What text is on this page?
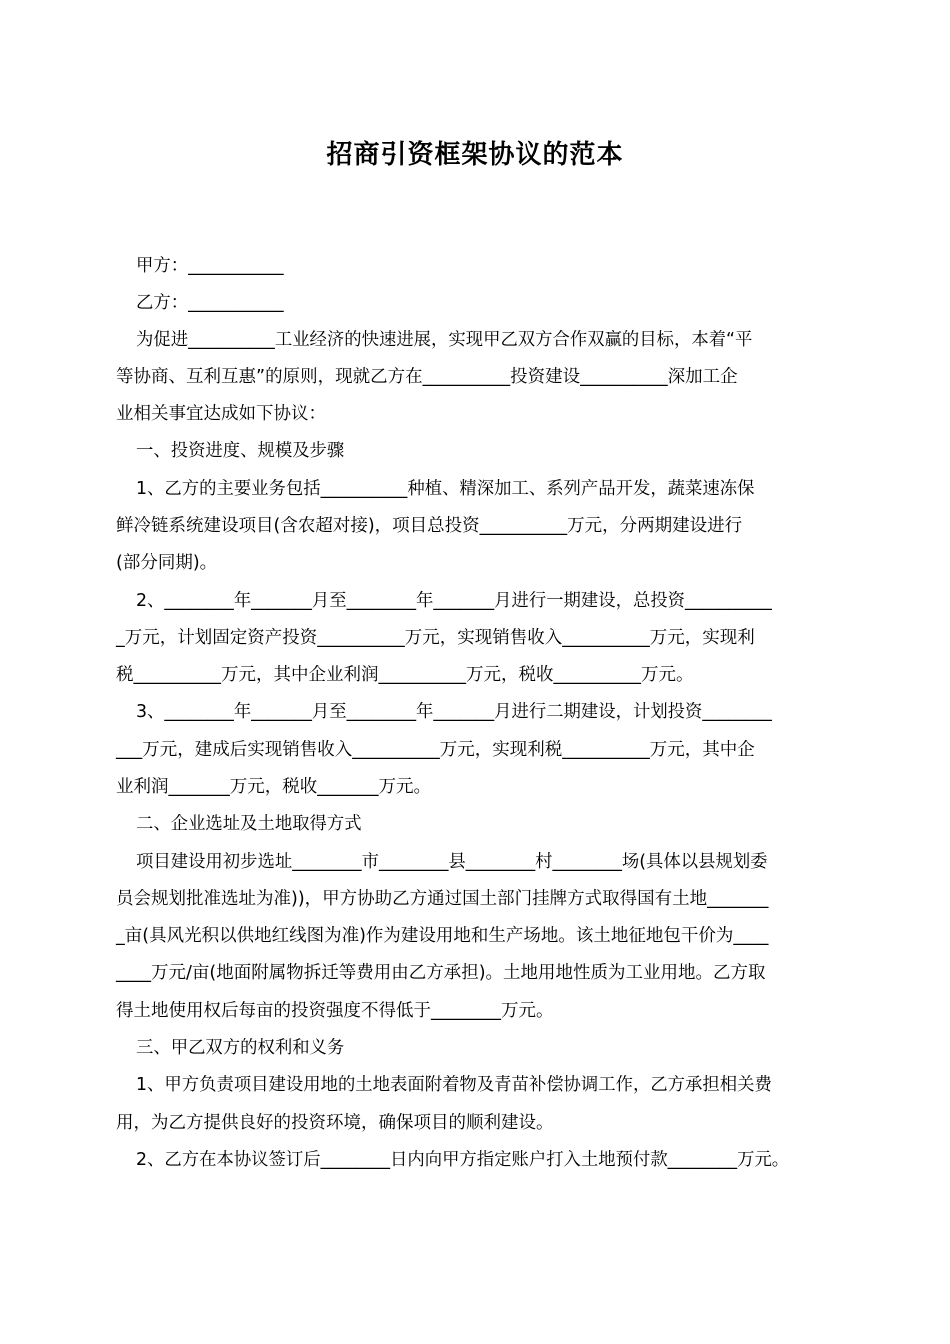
招商引资框架协议的范本
甲方：___________
乙方：___________
为促进__________工业经济的快速进展，实现甲乙双方合作双赢的目标，本着“平
等协商、互利互惠”的原则，现就乙方在__________投资建设__________深加工企
业相关事宜达成如下协议：
一、投资进度、规模及步骤
1、乙方的主要业务包括__________种植、精深加工、系列产品开发，蔬菜速冻保
鲜冷链系统建设项目(含农超对接)，项目总投资__________万元，分两期建设进行
(部分同期)。
2、________年_______月至________年_______月进行一期建设，总投资__________
_万元，计划固定资产投资__________万元，实现销售收入__________万元，实现利
税__________万元，其中企业利润__________万元，税收__________万元。
3、________年_______月至________年_______月进行二期建设，计划投资________
___万元，建成后实现销售收入__________万元，实现利税__________万元，其中企
业利润_______万元，税收_______万元。
二、企业选址及土地取得方式
项目建设用初步选址________市________县________村________场(具体以县规划委
员会规划批准选址为准))，甲方协助乙方通过国土部门挂牌方式取得国有土地_______
_亩(具风光积以供地红线图为准)作为建设用地和生产场地。该土地征地包干价为____
____万元/亩(地面附属物拆迁等费用由乙方承担)。土地用地性质为工业用地。乙方取
得土地使用权后每亩的投资强度不得低于________万元。
三、甲乙双方的权利和义务
1、甲方负责项目建设用地的土地表面附着物及青苗补偿协调工作，乙方承担相关费
用，为乙方提供良好的投资环境，确保项目的顺利建设。
2、乙方在本协议签订后________日内向甲方指定账户打入土地预付款________万元。
